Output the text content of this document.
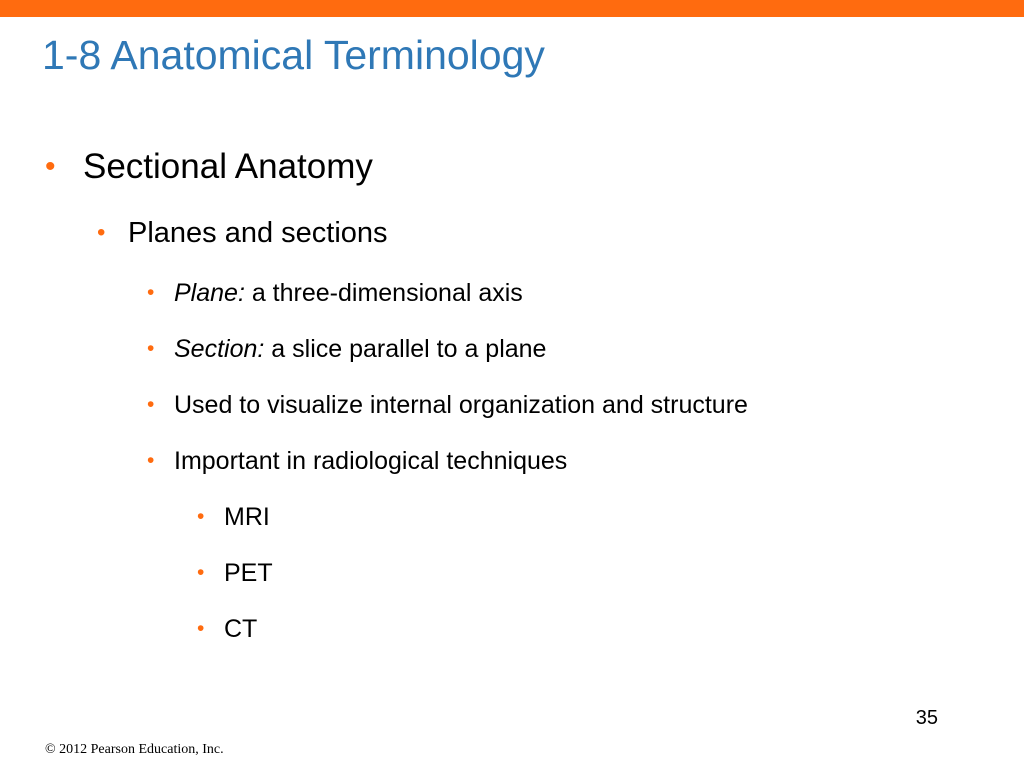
1-8 Anatomical Terminology
• Sectional Anatomy
• Planes and sections
• Plane: a three-dimensional axis
• Section: a slice parallel to a plane
• Used to visualize internal organization and structure
• Important in radiological techniques
• MRI
• PET
• CT
35
© 2012 Pearson Education, Inc.
